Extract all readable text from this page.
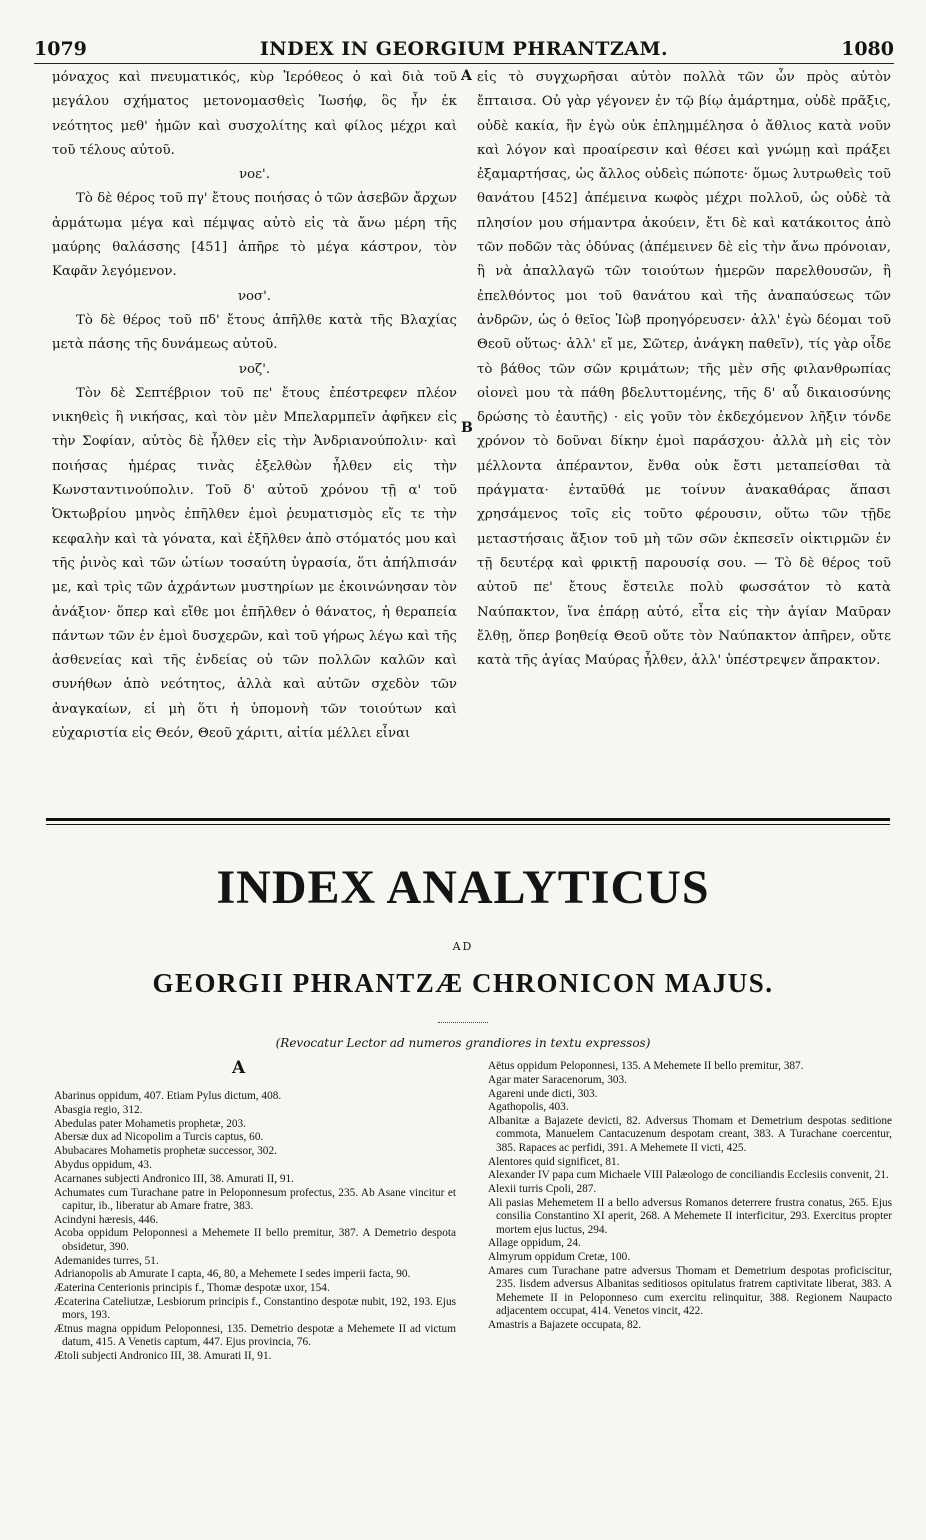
1079	INDEX IN GEORGIUM PHRANTZAM.	1080

μόναχος καὶ πνευματικός, κὺρ Ἱερόθεος ὁ καὶ διὰ τοῦ μεγάλου σχήματος μετονομασθεὶς Ἰωσήφ, ὃς ἦν ἐκ νεότητος μεθ' ἡμῶν καὶ συσχολίτης καὶ φίλος μέχρι καὶ τοῦ τέλους αὐτοῦ.

νοε'.

Τὸ δὲ θέρος τοῦ πγ' ἔτους ποιήσας ὁ τῶν ἀσεβῶν ἄρχων ἀρμάτωμα μέγα καὶ πέμψας αὐτὸ εἰς τὰ ἄνω μέρη τῆς μαύρης θαλάσσης [451] ἀπῆρε τὸ μέγα κάστρον, τὸν Καφᾶν λεγόμενον.

νοσ'.

Τὸ δὲ θέρος τοῦ πδ' ἔτους ἀπῆλθε κατὰ τῆς Βλαχίας μετὰ πάσης τῆς δυνάμεως αὐτοῦ.

νοζ'.

Τὸν δὲ Σεπτέβριον τοῦ πε' ἔτους ἐπέστρεφεν πλέον νικηθεὶς ἢ νικήσας, καὶ τὸν μὲν Μπελαρμπεῖν ἀφῆκεν εἰς τὴν Σοφίαν, αὐτὸς δὲ ἦλθεν εἰς τὴν Ἀνδριανούπολιν· καὶ ποιήσας ἡμέρας τινὰς ἐξελθὼν ἦλθεν εἰς τὴν Κωνσταντινούπολιν. Τοῦ δ' αὐτοῦ χρόνου τῇ α' τοῦ Ὀκτωβρίου μηνὸς ἐπῆλθεν ἐμοὶ ῥευματισμὸς εἴς τε τὴν κεφαλὴν καὶ τὰ γόνατα, καὶ ἐξῆλθεν ἀπὸ στόματός μου καὶ τῆς ῥινὸς καὶ τῶν ὠτίων τοσαύτη ὑγρασία, ὅτι ἀπήλπισάν με, καὶ τρὶς τῶν ἀχράντων μυστηρίων με ἐκοινώνησαν τὸν ἀνάξιον· ὅπερ καὶ εἴθε μοι ἐπῆλθεν ὁ θάνατος, ἡ θεραπεία πάντων τῶν ἐν ἐμοὶ δυσχερῶν, καὶ τοῦ γήρως λέγω καὶ τῆς ἀσθενείας καὶ τῆς ἐνδείας οὐ τῶν πολλῶν καλῶν καὶ συνήθων ἀπὸ νεότητος, ἀλλὰ καὶ αὐτῶν σχεδὸν τῶν ἀναγκαίων, εἰ μὴ ὅτι ἡ ὑπομονὴ τῶν τοιούτων καὶ εὐχαριστία εἰς Θεόν, Θεοῦ χάριτι, αἰτία μέλλει εἶναι

A
B

εἰς τὸ συγχωρῆσαι αὐτὸν πολλὰ τῶν ὧν πρὸς αὐτὸν ἔπταισα. Οὐ γὰρ γέγονεν ἐν τῷ βίῳ ἁμάρτημα, οὐδὲ πρᾶξις, οὐδὲ κακία, ἣν ἐγὼ οὐκ ἐπλημμέλησα ὁ ἄθλιος κατὰ νοῦν καὶ λόγον καὶ προαίρεσιν καὶ θέσει καὶ γνώμῃ καὶ πράξει ἐξαμαρτήσας, ὡς ἄλλος οὐδεὶς πώποτε· ὅμως λυτρωθεὶς τοῦ θανάτου [452] ἀπέμεινα κωφὸς μέχρι πολλοῦ, ὡς οὐδὲ τὰ πλησίον μου σήμαντρα ἀκούειν, ἔτι δὲ καὶ κατάκοιτος ἀπὸ τῶν ποδῶν τὰς ὀδύνας (ἀπέμεινεν δὲ εἰς τὴν ἄνω πρόνοιαν, ἢ νὰ ἀπαλλαγῶ τῶν τοιούτων ἡμερῶν παρελθουσῶν, ἢ ἐπελθόντος μοι τοῦ θανάτου καὶ τῆς ἀναπαύσεως τῶν ἀνδρῶν, ὡς ὁ θεῖος Ἰὼβ προηγόρευσεν· ἀλλ' ἐγὼ δέομαι τοῦ Θεοῦ οὕτως· ἀλλ' εἴ με, Σῶτερ, ἀνάγκη παθεῖν), τίς γὰρ οἶδε τὸ βάθος τῶν σῶν κριμάτων; τῆς μὲν σῆς φιλανθρωπίας οἱονεὶ μου τὰ πάθη βδελυττομένης, τῆς δ' αὖ δικαιοσύνης δρώσης τὸ ἑαυτῆς) · εἰς γοῦν τὸν ἐκδεχόμενον λῆξιν τόνδε χρόνον τὸ δοῦναι δίκην ἐμοὶ παράσχου· ἀλλὰ μὴ εἰς τὸν μέλλοντα ἀπέραντον, ἔνθα οὐκ ἔστι μεταπείσθαι τὰ πράγματα· ἐνταῦθά με τοίνυν ἀνακαθάρας ἅπασι χρησάμενος τοῖς εἰς τοῦτο φέρουσιν, οὕτω τῶν τῇδε μεταστήσαις ἄξιον τοῦ μὴ τῶν σῶν ἐκπεσεῖν οἰκτιρμῶν ἐν τῇ δευτέρᾳ καὶ φρικτῇ παρουσίᾳ σου. — Τὸ δὲ θέρος τοῦ αὐτοῦ πε' ἔτους ἔστειλε πολὺ φωσσάτον τὸ κατὰ Ναύπακτον, ἵνα ἐπάρῃ αὐτό, εἶτα εἰς τὴν ἁγίαν Μαῦραν ἔλθῃ, ὅπερ βοηθείᾳ Θεοῦ οὔτε τὸν Ναύπακτον ἀπῆρεν, οὔτε κατὰ τῆς ἁγίας Μαύρας ἦλθεν, ἀλλ' ὑπέστρεψεν ἄπρακτον.

INDEX ANALYTICUS
AD
GEORGII PHRANTZÆ CHRONICON MAJUS.
(Revocatur Lector ad numeros grandiores in textu expressos)
A

Abarinus oppidum, 407. Etiam Pylus dictum, 408.

Abasgia regio, 312.

Abedulas pater Mohametis prophetæ, 203.

Abersæ dux ad Nicopolim a Turcis captus, 60.

Abubacares Mohametis prophetæ successor, 302.

Abydus oppidum, 43.

Acarnanes subjecti Andronico III, 38. Amurati II, 91.

Achumates cum Turachane patre in Peloponnesum profectus, 235. Ab Asane vincitur et capitur, ib., liberatur ab Amare fratre, 383.

Acindyni hæresis, 446.

Acoba oppidum Peloponnesi a Mehemete II bello premitur, 387. A Demetrio despota obsidetur, 390.

Ademanides turres, 51.

Adrianopolis ab Amurate I capta, 46, 80, a Mehemete I sedes imperii facta, 90.

Æaterina Centerionis principis f., Thomæ despotæ uxor, 154.

Æcaterina Cateliutzæ, Lesbiorum principis f., Constantino despotæ nubit, 192, 193. Ejus mors, 193.

Ætnus magna oppidum Peloponnesi, 135. Demetrio despotæ a Mehemete II ad victum datum, 415. A Venetis captum, 447. Ejus provincia, 76.

Ætoli subjecti Andronico III, 38. Amurati II, 91.

Aëtus oppidum Peloponnesi, 135. A Mehemete II bello premitur, 387.

Agar mater Saracenorum, 303.

Agareni unde dicti, 303.

Agathopolis, 403.

Albanitæ a Bajazete devicti, 82. Adversus Thomam et Demetrium despotas seditione commota, Manuelem Cantacuzenum despotam creant, 383. A Turachane coercentur, 385. Rapaces ac perfidi, 391. A Mehemete II victi, 425.

Alentores quid significet, 81.

Alexander IV papa cum Michaele VIII Palæologo de conciliandis Ecclesiis convenit, 21.

Alexii turris Cpoli, 287.

Ali pasias Mehemetem II a bello adversus Romanos deterrere frustra conatus, 265. Ejus consilia Constantino XI aperit, 268. A Mehemete II interficitur, 293. Exercitus propter mortem ejus luctus, 294.

Allage oppidum, 24.

Almyrum oppidum Cretæ, 100.

Amares cum Turachane patre adversus Thomam et Demetrium despotas proficiscitur, 235. Iisdem adversus Albanitas seditiosos opitulatus fratrem captivitate liberat, 383. A Mehemete II in Peloponneso cum exercitu relinquitur, 388. Regionem Naupacto adjacentem occupat, 414. Venetos vincit, 422.

Amastris a Bajazete occupata, 82.
